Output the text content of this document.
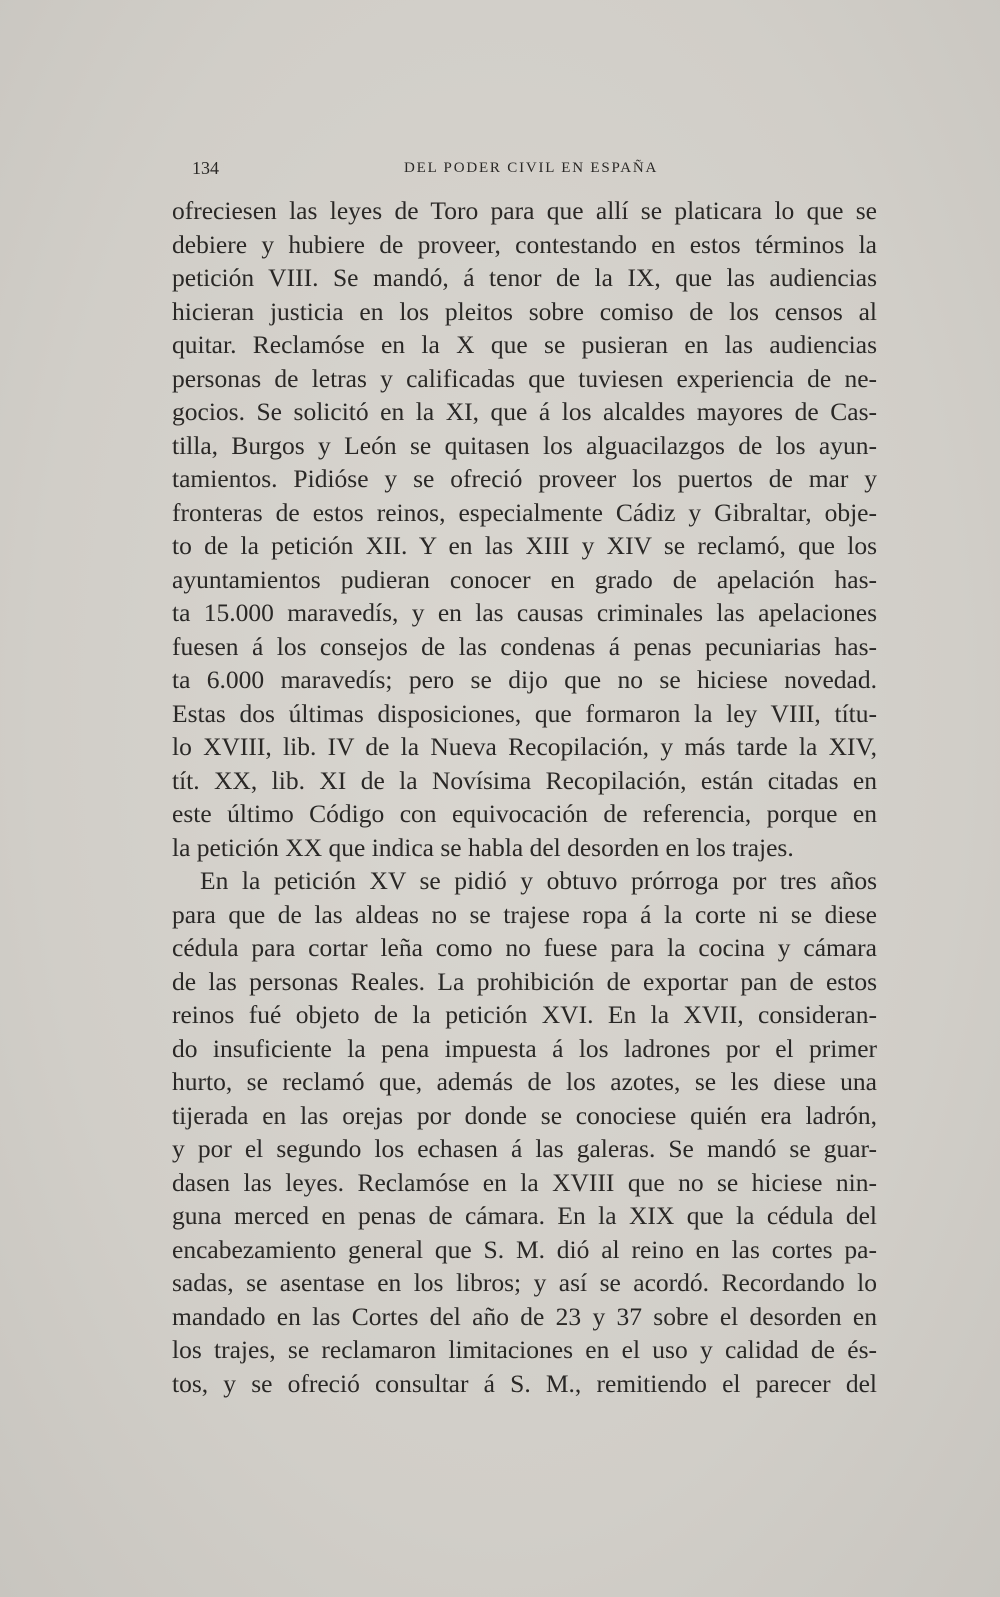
134	DEL PODER CIVIL EN ESPAÑA
ofreciesen las leyes de Toro para que allí se platicara lo que se
debiere y hubiere de proveer, contestando en estos términos la
petición VIII. Se mandó, á tenor de la IX, que las audiencias
hicieran justicia en los pleitos sobre comiso de los censos al
quitar. Reclamóse en la X que se pusieran en las audiencias
personas de letras y calificadas que tuviesen experiencia de ne-
gocios. Se solicitó en la XI, que á los alcaldes mayores de Cas-
tilla, Burgos y León se quitasen los alguacilazgos de los ayun-
tamientos. Pidióse y se ofreció proveer los puertos de mar y
fronteras de estos reinos, especialmente Cádiz y Gibraltar, obje-
to de la petición XII. Y en las XIII y XIV se reclamó, que los
ayuntamientos pudieran conocer en grado de apelación has-
ta 15.000 maravedís, y en las causas criminales las apelaciones
fuesen á los consejos de las condenas á penas pecuniarias has-
ta 6.000 maravedís; pero se dijo que no se hiciese novedad.
Estas dos últimas disposiciones, que formaron la ley VIII, títu-
lo XVIII, lib. IV de la Nueva Recopilación, y más tarde la XIV,
tít. XX, lib. XI de la Novísima Recopilación, están citadas en
este último Código con equivocación de referencia, porque en
la petición XX que indica se habla del desorden en los trajes.
En la petición XV se pidió y obtuvo prórroga por tres años
para que de las aldeas no se trajese ropa á la corte ni se diese
cédula para cortar leña como no fuese para la cocina y cámara
de las personas Reales. La prohibición de exportar pan de estos
reinos fué objeto de la petición XVI. En la XVII, consideran-
do insuficiente la pena impuesta á los ladrones por el primer
hurto, se reclamó que, además de los azotes, se les diese una
tijerada en las orejas por donde se conociese quién era ladrón,
y por el segundo los echasen á las galeras. Se mandó se guar-
dasen las leyes. Reclamóse en la XVIII que no se hiciese nin-
guna merced en penas de cámara. En la XIX que la cédula del
encabezamiento general que S. M. dió al reino en las cortes pa-
sadas, se asentase en los libros; y así se acordó. Recordando lo
mandado en las Cortes del año de 23 y 37 sobre el desorden en
los trajes, se reclamaron limitaciones en el uso y calidad de és-
tos, y se ofreció consultar á S. M., remitiendo el parecer del
